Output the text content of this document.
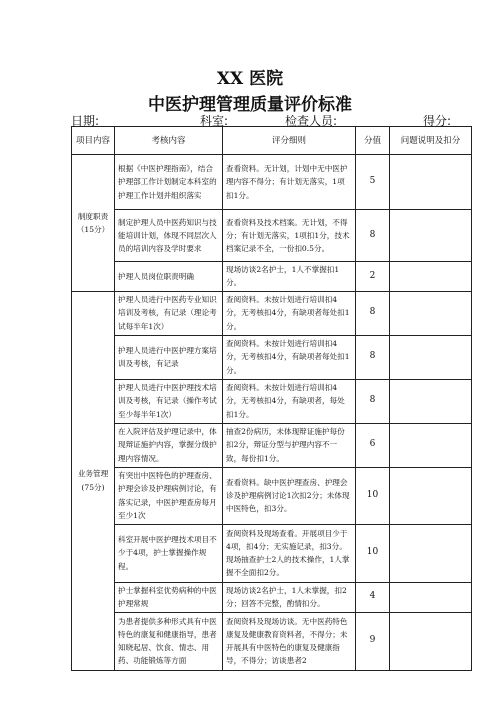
XX 医院
中医护理管理质量评价标准
日期:	科室:	检查人员:	得分:
项目内容	考核内容	评分细则	分值	问题说明及扣分
制度职责（15分）	根据《中医护理指南》，结合护理部工作计划制定本科室的护理工作计划并组织落实	查看资料。无计划，计划中无中医护理内容不得分；有计划无落实，1项扣1分。	5	
	制定护理人员中医药知识与技能培训计划，体现不同层次人员的培训内容及学时要求	查看资料及技术档案。无计划，不得分；有计划无落实，1项扣1分，技术档案记录不全，一份扣0.5分。	8	
	护理人员岗位职责明确	现场访谈2名护士，1人不掌握扣1分。	2	
业务管理(75分)	护理人员进行中医药专业知识培训及考核，有记录（理论考试每半年1次）	查阅资料。未按计划进行培训扣4分，无考核扣4分，有缺项者每处扣1分。	8	
	护理人员进行中医护理方案培训及考核，有记录	查阅资料。未按计划进行培训扣4分，无考核扣4分，有缺项者每处扣1分。	8	
	护理人员进行中医护理技术培训及考核，有记录（操作考试至少每半年1次）	查阅资料。未按计划进行培训扣4分，无考核扣4分，有缺项者，每处扣1分。	8	
	在入院评估及护理记录中，体现辩证施护内容，掌握分级护理内容情况。	抽查2份病历，未体现辩证施护每份扣2分，辩证分型与护理内容不一致，每份扣1分。	6	
	有突出中医特色的护理查房、护理会诊及护理病例讨论，有落实记录，中医护理查房每月至少1次	查看资料。缺中医护理查房、护理会诊及护理病例讨论1次扣2分；未体现中医特色，扣3分。	10	
	科室开展中医护理技术项目不少于4项，护士掌握操作规程。	查阅资料及现场查看。开展项目少于4项，扣4分；无实施记录，扣3分。现场抽查护士2人的技术操作，1人掌握不全面扣2分。	10	
	护士掌握科室优势病种的中医护理常规	现场访谈2名护士，1人未掌握，扣2分；回答不完整，酌情扣分。	4	
	为患者提供多种形式具有中医特色的康复和健康指导，患者知晓起居、饮食、情志、用药、功能锻炼等方面	查阅资料及现场访谈。无中医药特色康复及健康教育资料者，不得分；未开展具有中医特色的康复及健康指导，不得分；访谈患者2	9	
